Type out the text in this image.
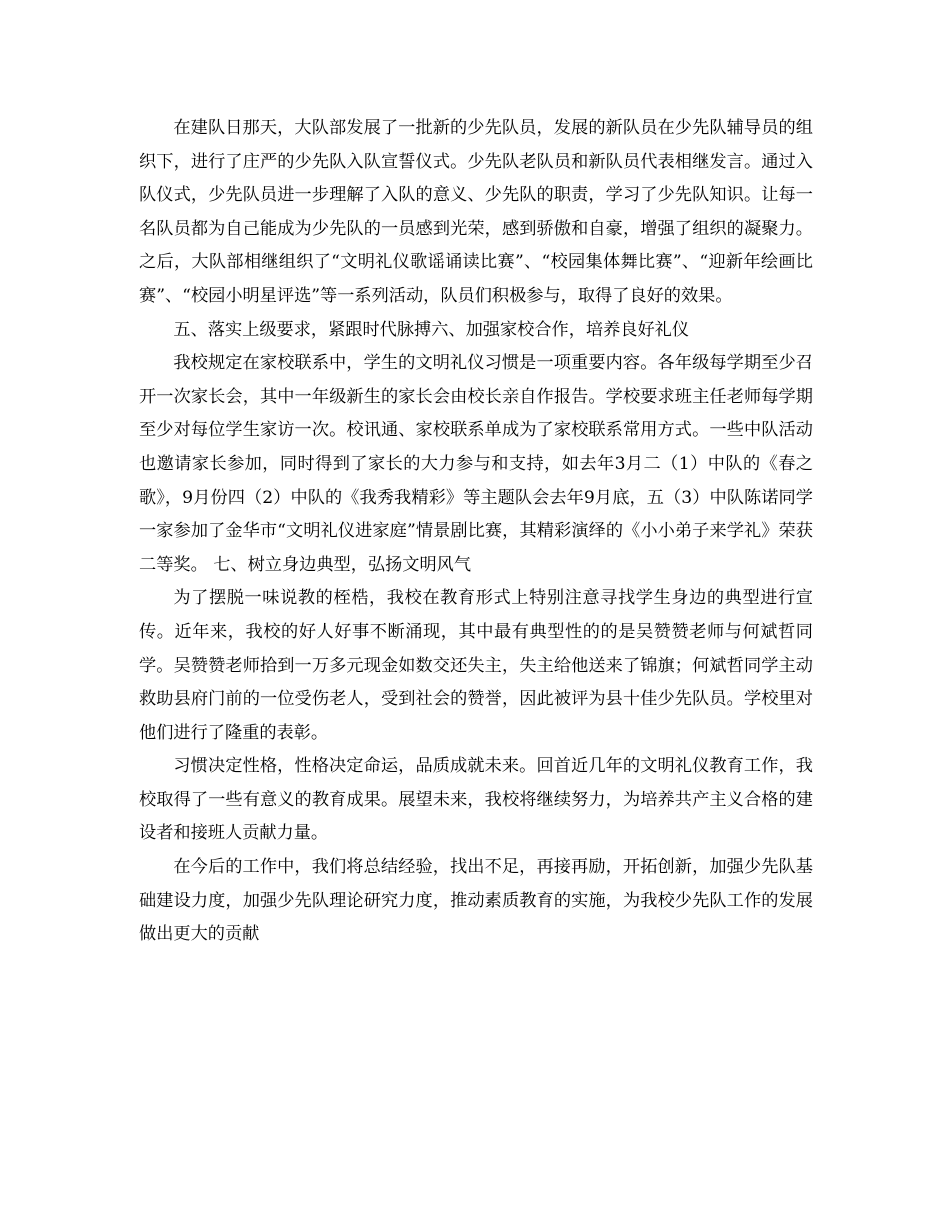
在建队日那天，大队部发展了一批新的少先队员，发展的新队员在少先队辅导员的组织下，进行了庄严的少先队入队宣誓仪式。少先队老队员和新队员代表相继发言。通过入队仪式，少先队员进一步理解了入队的意义、少先队的职责，学习了少先队知识。让每一名队员都为自己能成为少先队的一员感到光荣，感到骄傲和自豪，增强了组织的凝聚力。之后，大队部相继组织了“文明礼仪歌谣诵读比赛”、“校园集体舞比赛”、“迎新年绘画比赛”、“校园小明星评选”等一系列活动，队员们积极参与，取得了良好的效果。

五、落实上级要求，紧跟时代脉搏六、加强家校合作，培养良好礼仪

我校规定在家校联系中，学生的文明礼仪习惯是一项重要内容。各年级每学期至少召开一次家长会，其中一年级新生的家长会由校长亲自作报告。学校要求班主任老师每学期至少对每位学生家访一次。校讯通、家校联系单成为了家校联系常用方式。一些中队活动也邀请家长参加，同时得到了家长的大力参与和支持，如去年3月二（1）中队的《春之歌》，9月份四（2）中队的《我秀我精彩》等主题队会去年9月底，五（3）中队陈诺同学一家参加了金华市“文明礼仪进家庭”情景剧比赛，其精彩演绎的《小小弟子来学礼》荣获二等奖。 七、树立身边典型，弘扬文明风气

为了摆脱一味说教的桎梏，我校在教育形式上特别注意寻找学生身边的典型进行宣传。近年来，我校的好人好事不断涌现，其中最有典型性的的是吴赞赞老师与何斌哲同学。吴赞赞老师拾到一万多元现金如数交还失主，失主给他送来了锦旗；何斌哲同学主动救助县府门前的一位受伤老人，受到社会的赞誉，因此被评为县十佳少先队员。学校里对他们进行了隆重的表彰。

习惯决定性格，性格决定命运，品质成就未来。回首近几年的文明礼仪教育工作，我校取得了一些有意义的教育成果。展望未来，我校将继续努力，为培养共产主义合格的建设者和接班人贡献力量。

在今后的工作中，我们将总结经验，找出不足，再接再励，开拓创新，加强少先队基础建设力度，加强少先队理论研究力度，推动素质教育的实施，为我校少先队工作的发展做出更大的贡献
